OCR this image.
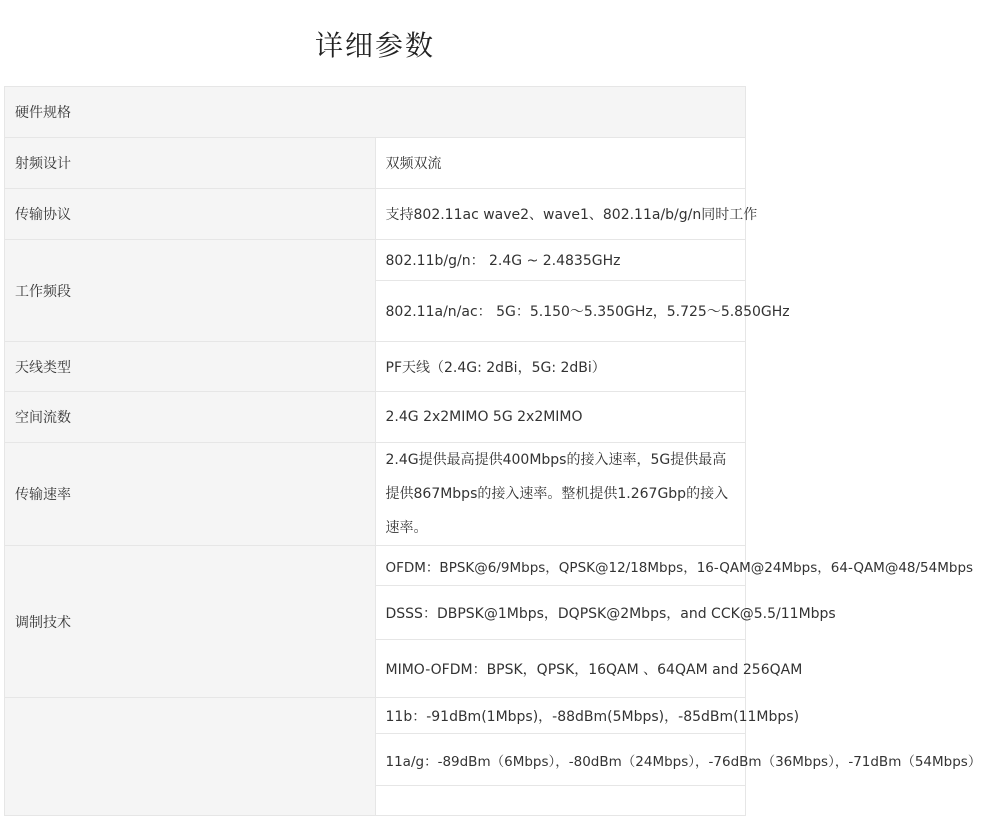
详细参数
硬件规格	
射频设计	双频双流
传输协议	支持802.11ac wave2、wave1、802.11a/b/g/n同时工作
工作频段	802.11b/g/n： 2.4G ~ 2.4835GHz
	802.11a/n/ac： 5G：5.150～5.350GHz，5.725～5.850GHz
天线类型	PF天线（2.4G: 2dBi，5G: 2dBi）
空间流数	2.4G 2x2MIMO 5G 2x2MIMO
传输速率	2.4G提供最高提供400Mbps的接入速率，5G提供最高提供867Mbps的接入速率。整机提供1.267Gbp的接入速率。
调制技术	OFDM：BPSK@6/9Mbps，QPSK@12/18Mbps，16-QAM@24Mbps，64-QAM@48/54Mbps
	DSSS：DBPSK@1Mbps，DQPSK@2Mbps，and CCK@5.5/11Mbps
	MIMO-OFDM：BPSK，QPSK，16QAM 、64QAM and 256QAM
	11b：-91dBm(1Mbps)，-88dBm(5Mbps)，-85dBm(11Mbps)
	11a/g：-89dBm（6Mbps），-80dBm（24Mbps），-76dBm（36Mbps），-71dBm（54Mbps）
